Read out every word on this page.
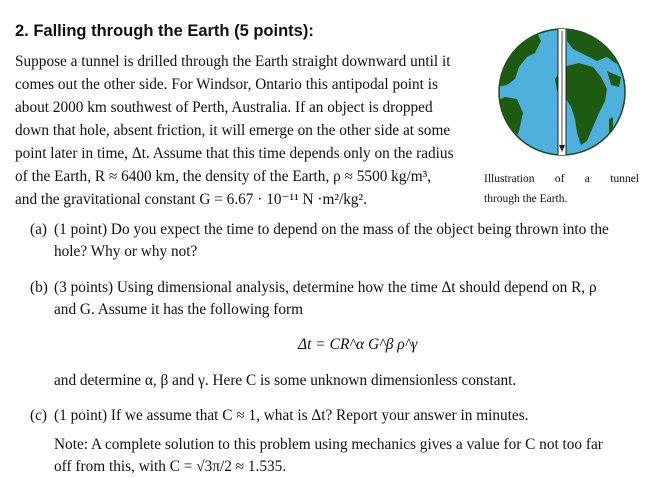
2. Falling through the Earth (5 points):
Suppose a tunnel is drilled through the Earth straight downward until it
comes out the other side. For Windsor, Ontario this antipodal point is
about 2000 km southwest of Perth, Australia. If an object is dropped
down that hole, absent friction, it will emerge on the other side at some
point later in time, Δt. Assume that this time depends only on the radius
of the Earth, R ≈ 6400 km, the density of the Earth, ρ ≈ 5500 kg/m³,
and the gravitational constant G = 6.67 · 10⁻¹¹ N ·m²/kg².
Illustration of a tunnel
through the Earth.
(a) (1 point) Do you expect the time to depend on the mass of the object being thrown into the
hole? Why or why not?
(b) (3 points) Using dimensional analysis, determine how the time Δt should depend on R, ρ
and G. Assume it has the following form
Δt = CR^α G^β ρ^γ
and determine α, β and γ. Here C is some unknown dimensionless constant.
(c) (1 point) If we assume that C ≈ 1, what is Δt? Report your answer in minutes.
Note: A complete solution to this problem using mechanics gives a value for C not too far
off from this, with C = √3π/2 ≈ 1.535.
